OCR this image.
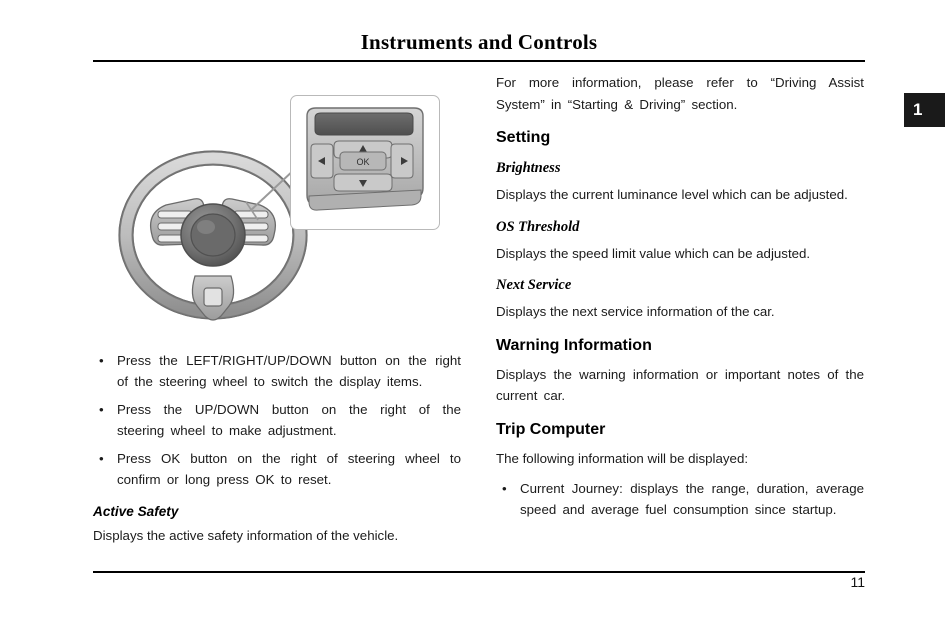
Instruments and Controls
1
OK
• Press the LEFT/RIGHT/UP/DOWN button on the right of the steering wheel to switch the display items.
• Press the UP/DOWN button on the right of the steering wheel to make adjustment.
• Press OK button on the right of steering wheel to confirm or long press OK to reset.
Active Safety

Displays the active safety information of the vehicle.

For more information, please refer to “Driving Assist System” in “Starting & Driving” section.

Setting
Brightness

Displays the current luminance level which can be adjusted.

OS Threshold

Displays the speed limit value which can be adjusted.

Next Service

Displays the next service information of the car.

Warning Information

Displays the warning information or important notes of the current car.

Trip Computer

The following information will be displayed:

• Current Journey: displays the range, duration, average speed and average fuel consumption since startup.
11
